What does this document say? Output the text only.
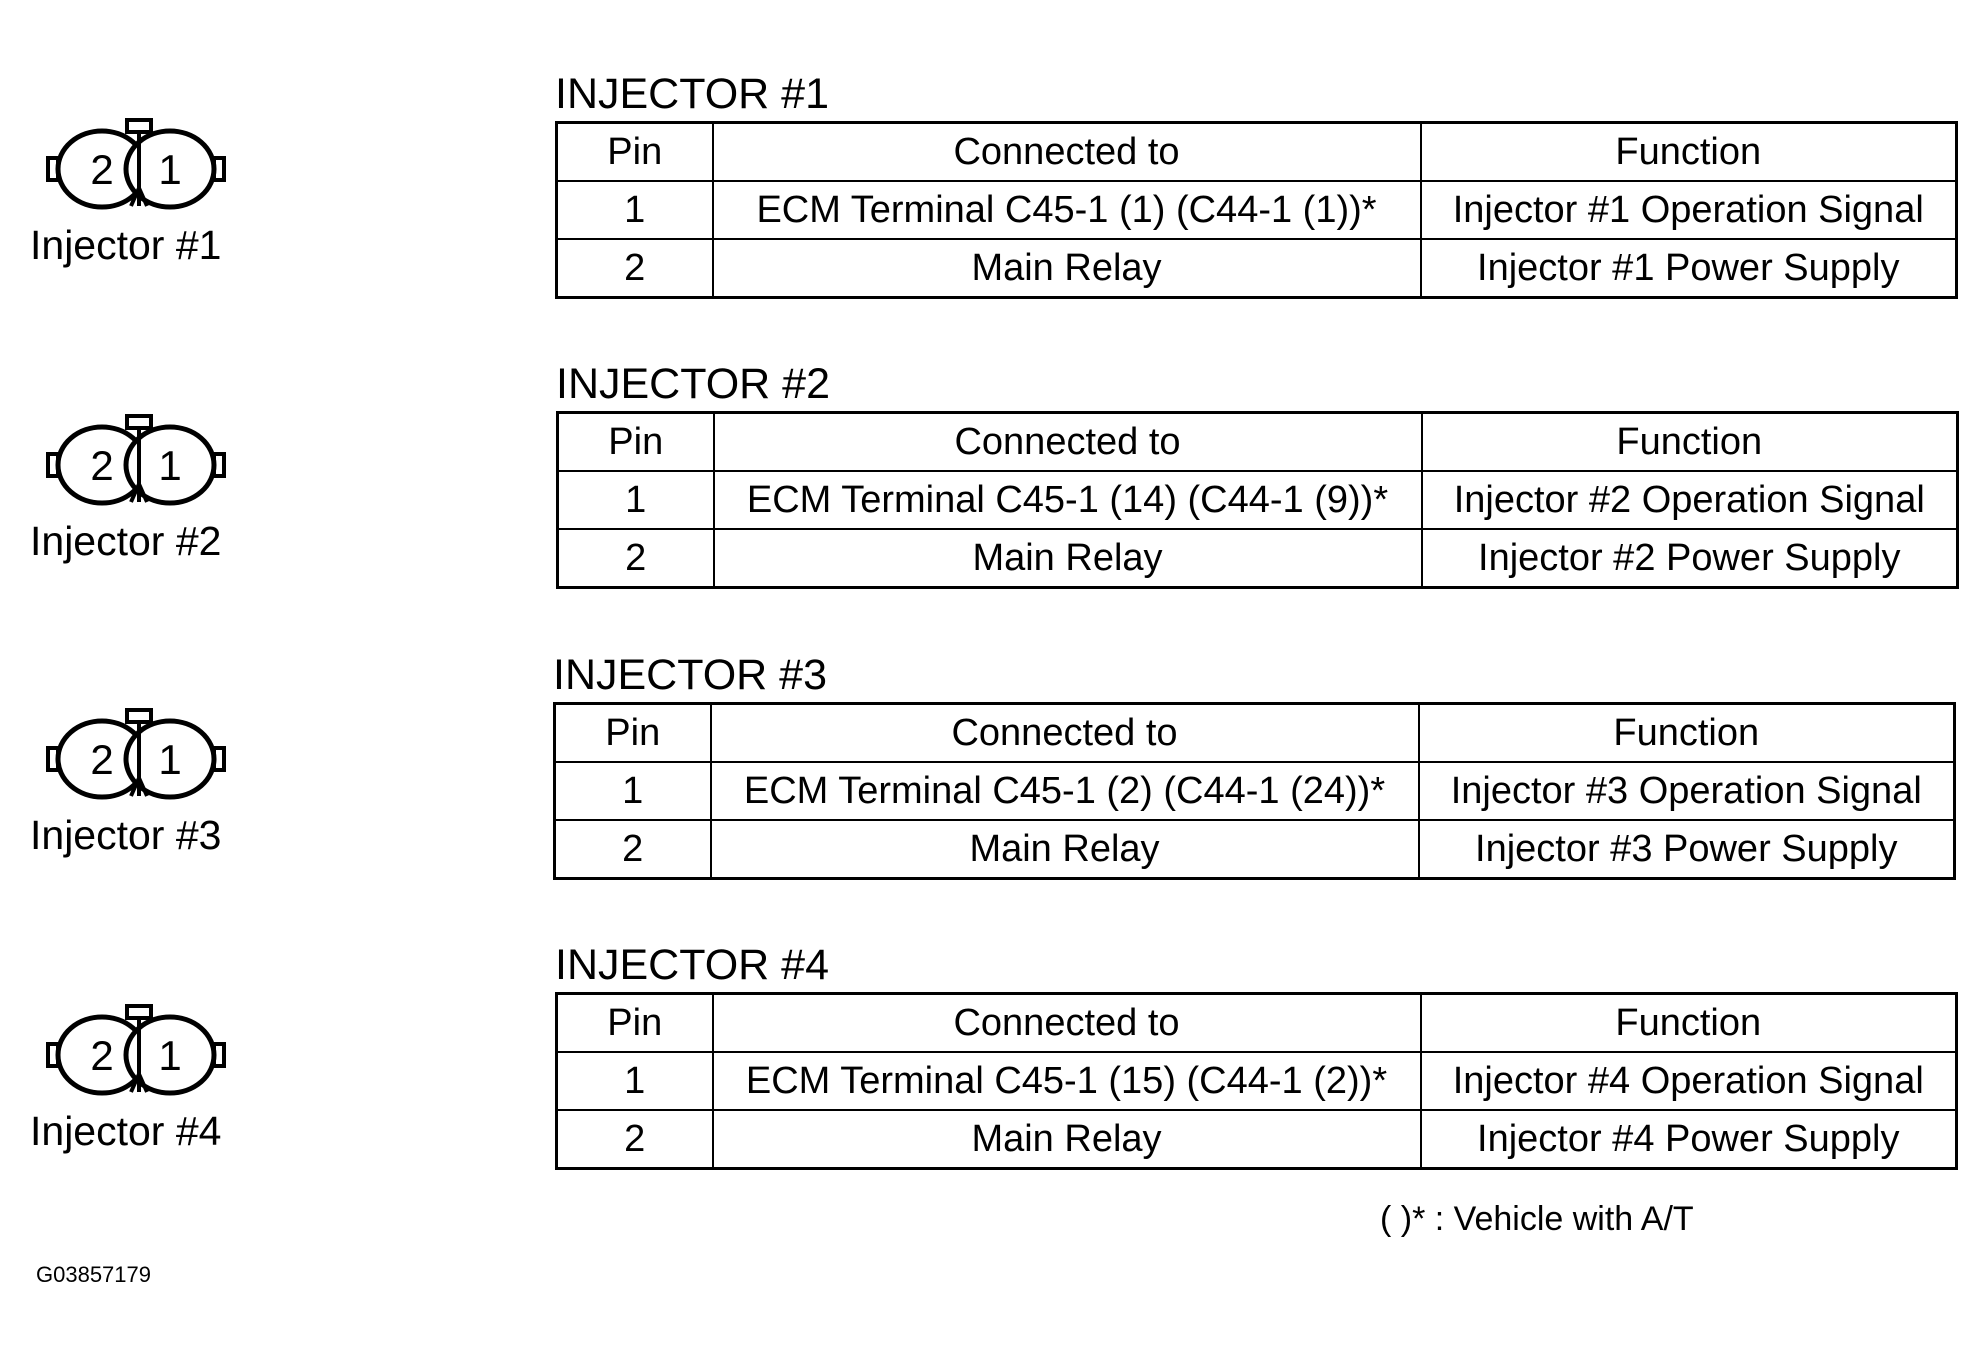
2 1
Injector #1
2 1
Injector #2
2 1
Injector #3
2 1
Injector #4
INJECTOR #1
Pin	Connected to	Function
1	ECM Terminal C45-1 (1) (C44-1 (1))*	Injector #1 Operation Signal
2	Main Relay	Injector #1 Power Supply
INJECTOR #2
Pin	Connected to	Function
1	ECM Terminal C45-1 (14) (C44-1 (9))*	Injector #2 Operation Signal
2	Main Relay	Injector #2 Power Supply
INJECTOR #3
Pin	Connected to	Function
1	ECM Terminal C45-1 (2) (C44-1 (24))*	Injector #3 Operation Signal
2	Main Relay	Injector #3 Power Supply
INJECTOR #4
Pin	Connected to	Function
1	ECM Terminal C45-1 (15) (C44-1 (2))*	Injector #4 Operation Signal
2	Main Relay	Injector #4 Power Supply
( )* : Vehicle with A/T
G03857179
